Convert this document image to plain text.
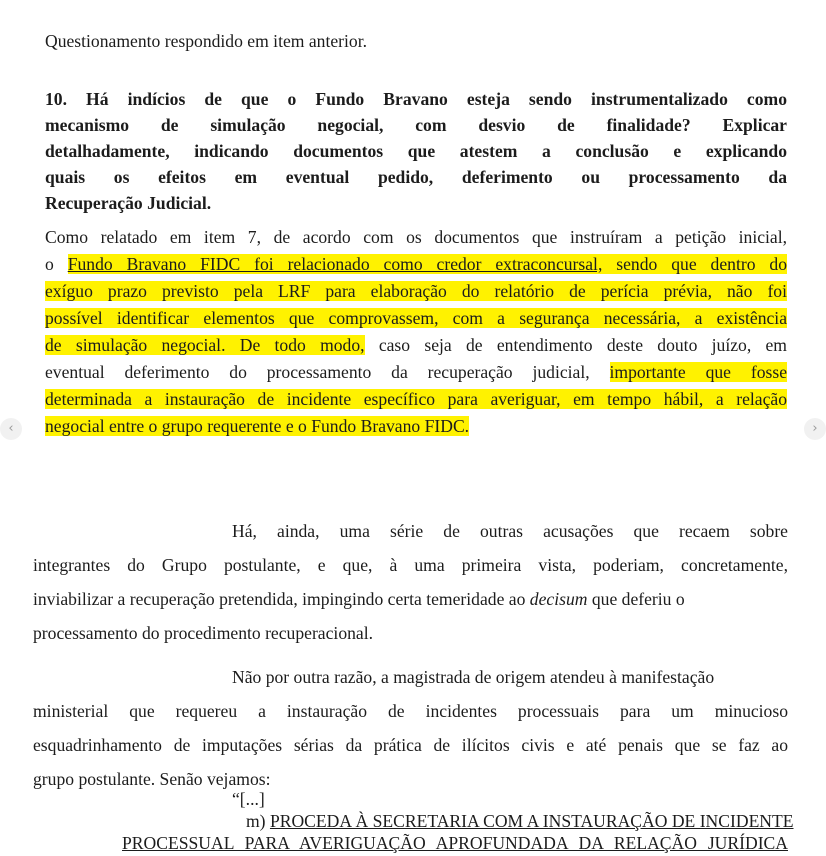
Questionamento respondido em item anterior.
10. Há indícios de que o Fundo Bravano esteja sendo instrumentalizado como
mecanismo de simulação negocial, com desvio de finalidade? Explicar
detalhadamente, indicando documentos que atestem a conclusão e explicando
quais os efeitos em eventual pedido, deferimento ou processamento da
Recuperação Judicial.
Como relatado em item 7, de acordo com os documentos que instruíram a petição inicial,
o Fundo Bravano FIDC foi relacionado como credor extraconcursal, sendo que dentro do
exíguo prazo previsto pela LRF para elaboração do relatório de perícia prévia, não foi
possível identificar elementos que comprovassem, com a segurança necessária, a existência
de simulação negocial. De todo modo, caso seja de entendimento deste douto juízo, em
eventual deferimento do processamento da recuperação judicial, importante que fosse
determinada a instauração de incidente específico para averiguar, em tempo hábil, a relação
negocial entre o grupo requerente e o Fundo Bravano FIDC.
Há, ainda, uma série de outras acusações que recaem sobre
integrantes do Grupo postulante, e que, à uma primeira vista, poderiam, concretamente,
inviabilizar a recuperação pretendida, impingindo certa temeridade ao decisum que deferiu o
processamento do procedimento recuperacional.
Não por outra razão, a magistrada de origem atendeu à manifestação
ministerial que requereu a instauração de incidentes processuais para um minucioso
esquadrinhamento de imputações sérias da prática de ilícitos civis e até penais que se faz ao
grupo postulante. Senão vejamos:
“[...]
m) PROCEDA À SECRETARIA COM A INSTAURAÇÃO DE INCIDENTE
PROCESSUAL PARA AVERIGUAÇÃO APROFUNDADA DA RELAÇÃO JURÍDICA
‹	›
